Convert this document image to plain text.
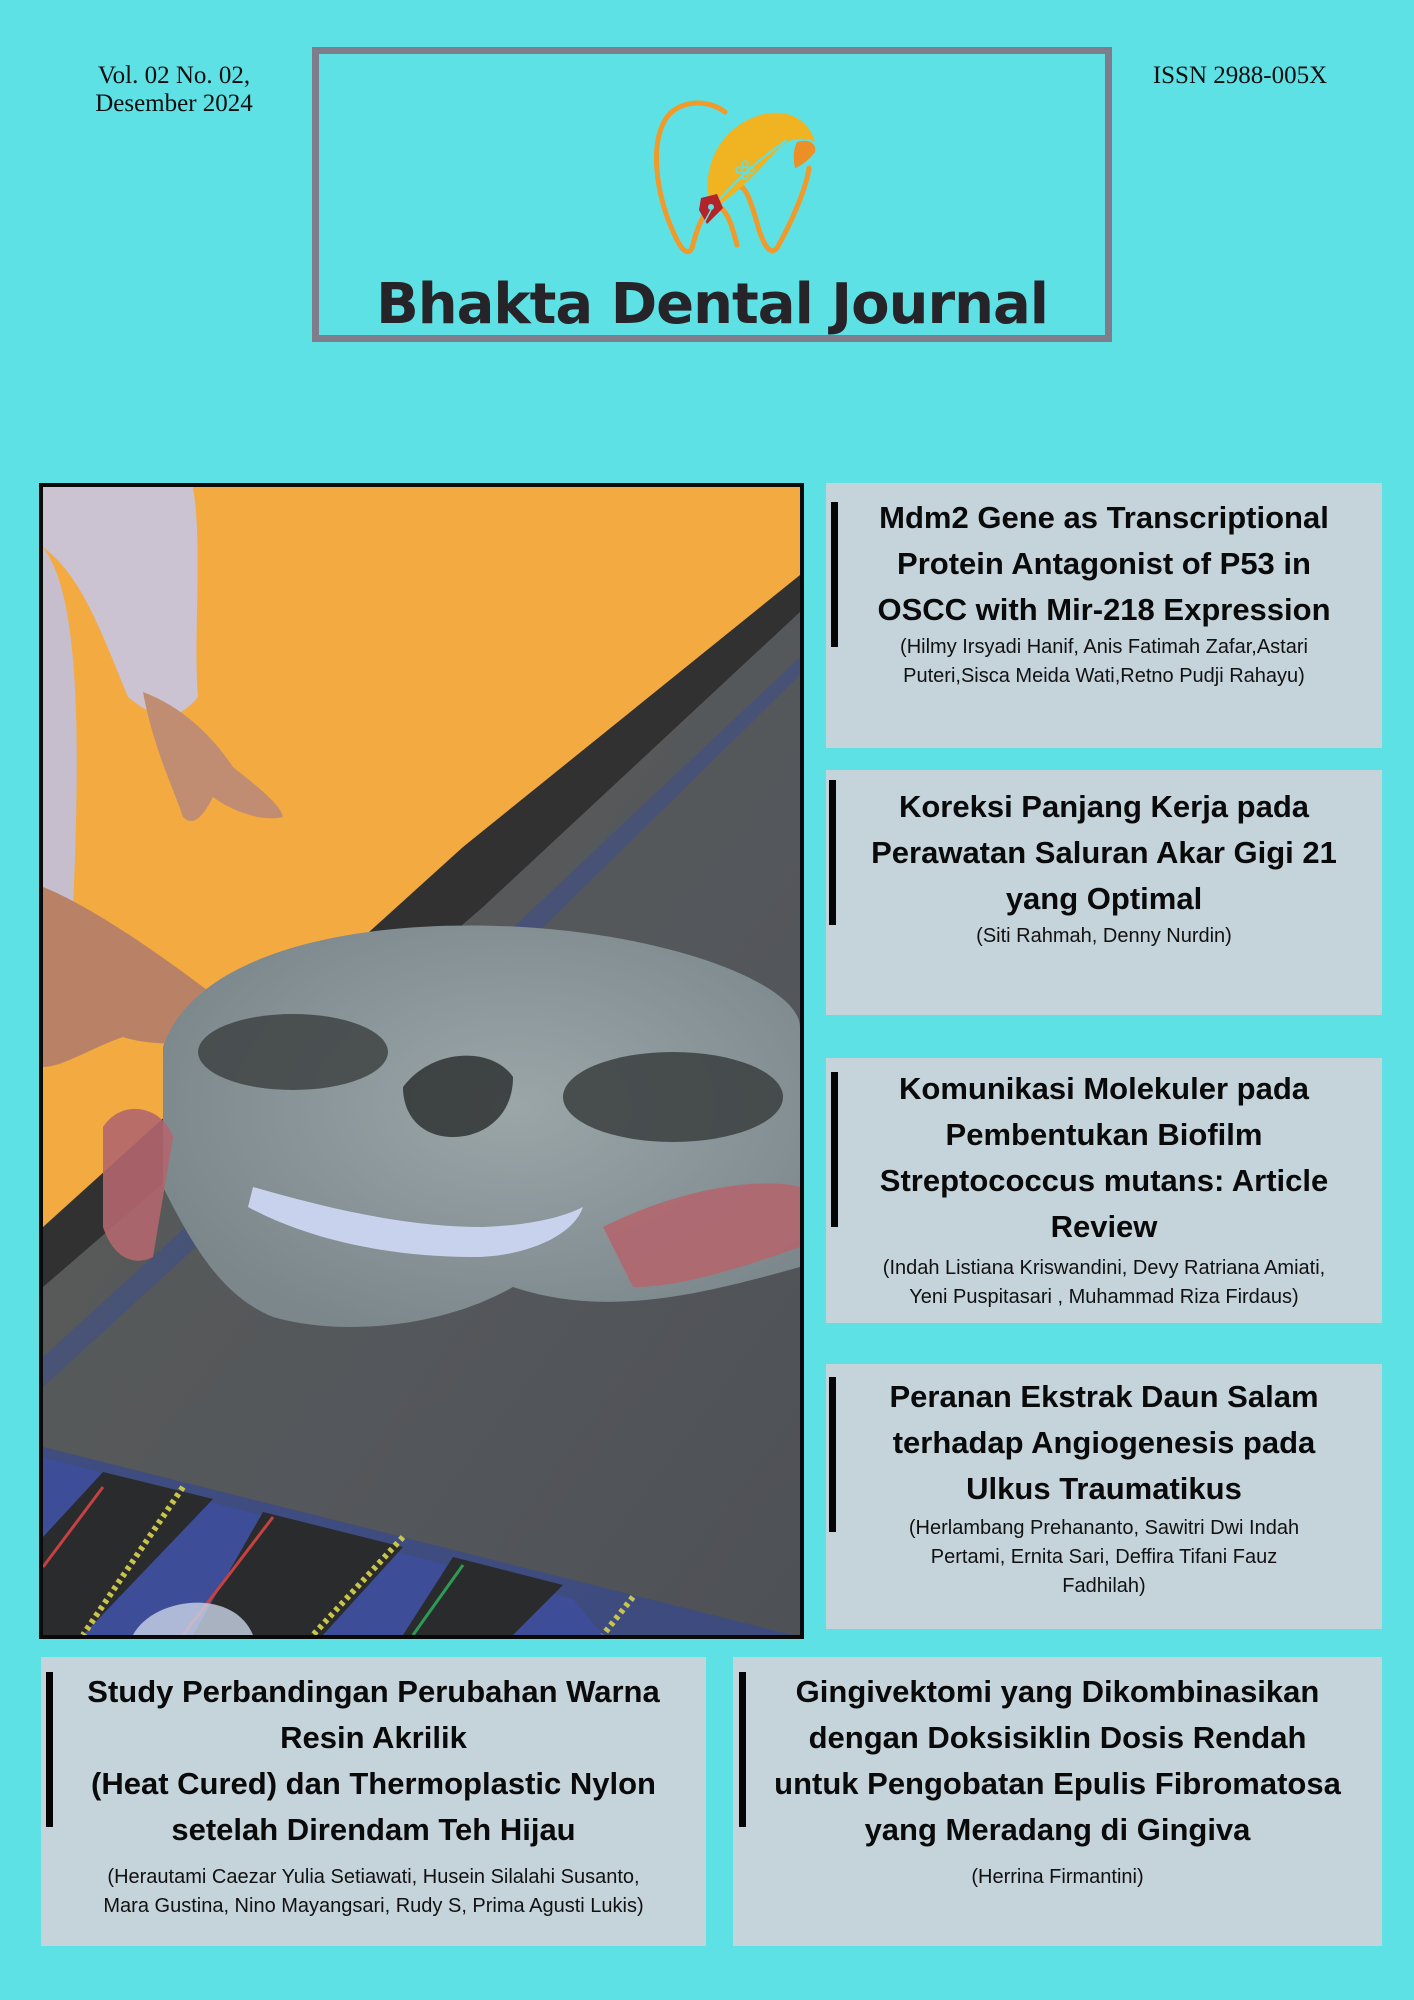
Vol. 02 No. 02,
Desember 2024
ISSN 2988-005X
Bhakta Dental Journal
Mdm2 Gene as Transcriptional
Protein Antagonist of P53 in
OSCC with Mir-218 Expression
(Hilmy Irsyadi Hanif, Anis Fatimah Zafar,Astari
Puteri,Sisca Meida Wati,Retno Pudji Rahayu)
Koreksi Panjang Kerja pada
Perawatan Saluran Akar Gigi 21
yang Optimal
(Siti Rahmah, Denny Nurdin)
Komunikasi Molekuler pada
Pembentukan Biofilm
Streptococcus mutans: Article
Review
(Indah Listiana Kriswandini, Devy Ratriana Amiati,
Yeni Puspitasari , Muhammad Riza Firdaus)
Peranan Ekstrak Daun Salam
terhadap Angiogenesis pada
Ulkus Traumatikus
(Herlambang Prehananto, Sawitri Dwi Indah
Pertami, Ernita Sari, Deffira Tifani Fauz
Fadhilah)
Study Perbandingan Perubahan Warna
Resin Akrilik
(Heat Cured) dan Thermoplastic Nylon
setelah Direndam Teh Hijau
(Herautami Caezar Yulia Setiawati, Husein Silalahi Susanto,
Mara Gustina, Nino Mayangsari, Rudy S, Prima Agusti Lukis)
Gingivektomi yang Dikombinasikan
dengan Doksisiklin Dosis Rendah
untuk Pengobatan Epulis Fibromatosa
yang Meradang di Gingiva
(Herrina Firmantini)
